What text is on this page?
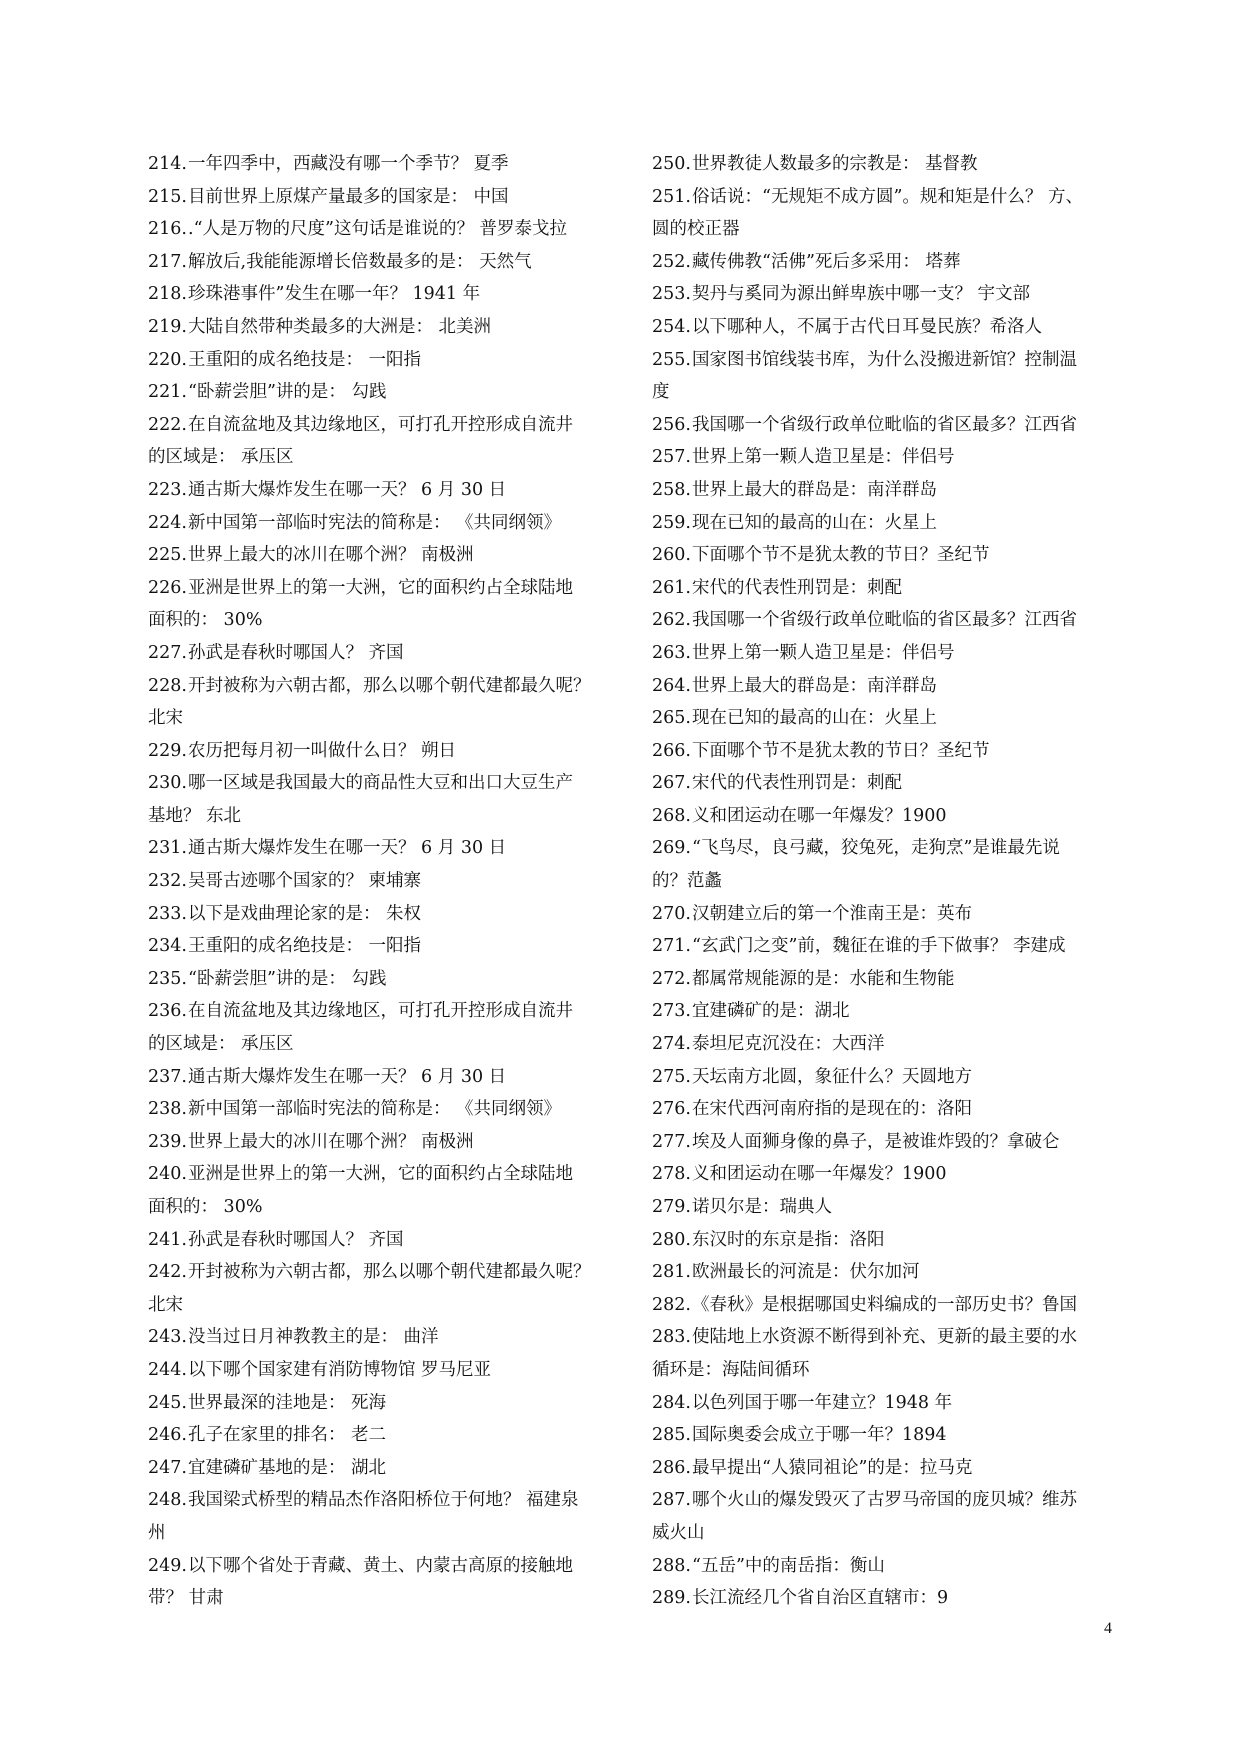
214.一年四季中，西藏没有哪一个季节？ 夏季
215.目前世界上原煤产量最多的国家是： 中国
216..“人是万物的尺度”这句话是谁说的？ 普罗泰戈拉
217.解放后,我能能源增长倍数最多的是： 天然气
218.珍珠港事件”发生在哪一年？ 1941 年
219.大陆自然带种类最多的大洲是： 北美洲
220.王重阳的成名绝技是： 一阳指
221.“卧薪尝胆”讲的是： 勾践
222.在自流盆地及其边缘地区，可打孔开控形成自流井
的区域是： 承压区
223.通古斯大爆炸发生在哪一天？ 6 月 30 日
224.新中国第一部临时宪法的简称是： 《共同纲领》
225.世界上最大的冰川在哪个洲？ 南极洲
226.亚洲是世界上的第一大洲，它的面积约占全球陆地
面积的： 30%
227.孙武是春秋时哪国人？ 齐国
228.开封被称为六朝古都，那么以哪个朝代建都最久呢？
北宋
229.农历把每月初一叫做什么日？ 朔日
230.哪一区域是我国最大的商品性大豆和出口大豆生产
基地？ 东北
231.通古斯大爆炸发生在哪一天？ 6 月 30 日
232.吴哥古迹哪个国家的？ 柬埔寨
233.以下是戏曲理论家的是： 朱权
234.王重阳的成名绝技是： 一阳指
235.“卧薪尝胆”讲的是： 勾践
236.在自流盆地及其边缘地区，可打孔开控形成自流井
的区域是： 承压区
237.通古斯大爆炸发生在哪一天？ 6 月 30 日
238.新中国第一部临时宪法的简称是： 《共同纲领》
239.世界上最大的冰川在哪个洲？ 南极洲
240.亚洲是世界上的第一大洲，它的面积约占全球陆地
面积的： 30%
241.孙武是春秋时哪国人？ 齐国
242.开封被称为六朝古都，那么以哪个朝代建都最久呢？
北宋
243.没当过日月神教教主的是： 曲洋
244.以下哪个国家建有消防博物馆 罗马尼亚
245.世界最深的洼地是： 死海
246.孔子在家里的排名： 老二
247.宜建磷矿基地的是： 湖北
248.我国梁式桥型的精品杰作洛阳桥位于何地？ 福建泉
州
249.以下哪个省处于青藏、黄土、内蒙古高原的接触地
带？ 甘肃
250.世界教徒人数最多的宗教是： 基督教
251.俗话说：“无规矩不成方圆”。规和矩是什么？ 方、
圆的校正器
252.藏传佛教“活佛”死后多采用： 塔葬
253.契丹与奚同为源出鲜卑族中哪一支？ 宇文部
254.以下哪种人，不属于古代日耳曼民族？希洛人
255.国家图书馆线装书库，为什么没搬进新馆？控制温
度
256.我国哪一个省级行政单位毗临的省区最多？江西省
257.世界上第一颗人造卫星是：伴侣号
258.世界上最大的群岛是：南洋群岛
259.现在已知的最高的山在：火星上
260.下面哪个节不是犹太教的节日？圣纪节
261.宋代的代表性刑罚是：刺配
262.我国哪一个省级行政单位毗临的省区最多？江西省
263.世界上第一颗人造卫星是：伴侣号
264.世界上最大的群岛是：南洋群岛
265.现在已知的最高的山在：火星上
266.下面哪个节不是犹太教的节日？圣纪节
267.宋代的代表性刑罚是：刺配
268.义和团运动在哪一年爆发？1900
269.“飞鸟尽，良弓藏，狡兔死，走狗烹”是谁最先说
的？范蠡
270.汉朝建立后的第一个淮南王是：英布
271.“玄武门之变”前，魏征在谁的手下做事？ 李建成
272.都属常规能源的是：水能和生物能
273.宜建磷矿的是：湖北
274.泰坦尼克沉没在：大西洋
275.天坛南方北圆，象征什么？天圆地方
276.在宋代西河南府指的是现在的：洛阳
277.埃及人面狮身像的鼻子，是被谁炸毁的？拿破仑
278.义和团运动在哪一年爆发？1900
279.诺贝尔是：瑞典人
280.东汉时的东京是指：洛阳
281.欧洲最长的河流是：伏尔加河
282.《春秋》是根据哪国史料编成的一部历史书？鲁国
283.使陆地上水资源不断得到补充、更新的最主要的水
循环是：海陆间循环
284.以色列国于哪一年建立？1948 年
285.国际奥委会成立于哪一年？1894
286.最早提出“人猿同祖论”的是：拉马克
287.哪个火山的爆发毁灭了古罗马帝国的庞贝城？维苏
威火山
288.“五岳”中的南岳指：衡山
289.长江流经几个省自治区直辖市：9
4
